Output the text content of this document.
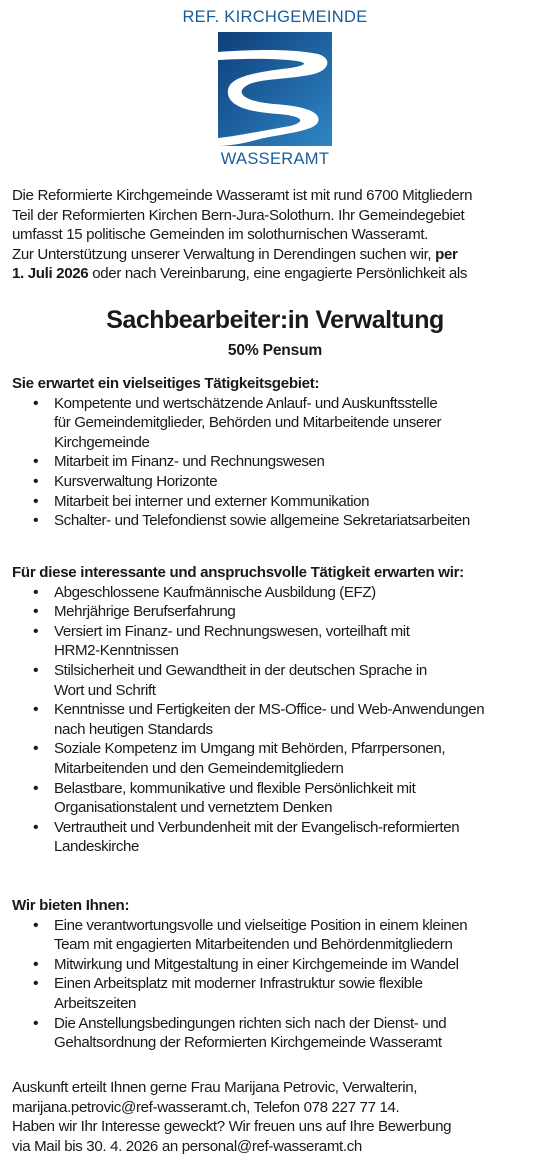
REF. KIRCHGEMEINDE
WASSERAMT

Die Reformierte Kirchgemeinde Wasseramt ist mit rund 6700 Mitgliedern

Teil der Reformierten Kirchen Bern-Jura-Solothurn. Ihr Gemeindegebiet

umfasst 15 politische Gemeinden im solothurnischen Wasseramt.

Zur Unterstützung unserer Verwaltung in Derendingen suchen wir, per

1. Juli 2026 oder nach Vereinbarung, eine engagierte Persönlichkeit als

Sachbearbeiter:in Verwaltung
50% Pensum
Sie erwartet ein vielseitiges Tätigkeitsgebiet:
• Kompetente und wertschätzende Anlauf- und Auskunftsstelle
für Gemeindemitglieder, Behörden und Mitarbeitende unserer
Kirchgemeinde
• Mitarbeit im Finanz- und Rechnungswesen
• Kursverwaltung Horizonte
• Mitarbeit bei interner und externer Kommunikation
• Schalter- und Telefondienst sowie allgemeine Sekretariatsarbeiten
Für diese interessante und anspruchsvolle Tätigkeit erwarten wir:
• Abgeschlossene Kaufmännische Ausbildung (EFZ)
• Mehrjährige Berufserfahrung
• Versiert im Finanz- und Rechnungswesen, vorteilhaft mit
HRM2-Kenntnissen
• Stilsicherheit und Gewandtheit in der deutschen Sprache in
Wort und Schrift
• Kenntnisse und Fertigkeiten der MS-Office- und Web-Anwendungen
nach heutigen Standards
• Soziale Kompetenz im Umgang mit Behörden, Pfarrpersonen,
Mitarbeitenden und den Gemeindemitgliedern
• Belastbare, kommunikative und flexible Persönlichkeit mit
Organisationstalent und vernetztem Denken
• Vertrautheit und Verbundenheit mit der Evangelisch-reformierten
Landeskirche
Wir bieten Ihnen:
• Eine verantwortungsvolle und vielseitige Position in einem kleinen
Team mit engagierten Mitarbeitenden und Behördenmitgliedern
• Mitwirkung und Mitgestaltung in einer Kirchgemeinde im Wandel
• Einen Arbeitsplatz mit moderner Infrastruktur sowie flexible
Arbeitszeiten
• Die Anstellungsbedingungen richten sich nach der Dienst- und
Gehaltsordnung der Reformierten Kirchgemeinde Wasseramt

Auskunft erteilt Ihnen gerne Frau Marijana Petrovic, Verwalterin,

marijana.petrovic@ref-wasseramt.ch, Telefon 078 227 77 14.

Haben wir Ihr Interesse geweckt? Wir freuen uns auf Ihre Bewerbung

via Mail bis 30. 4. 2026 an personal@ref-wasseramt.ch
